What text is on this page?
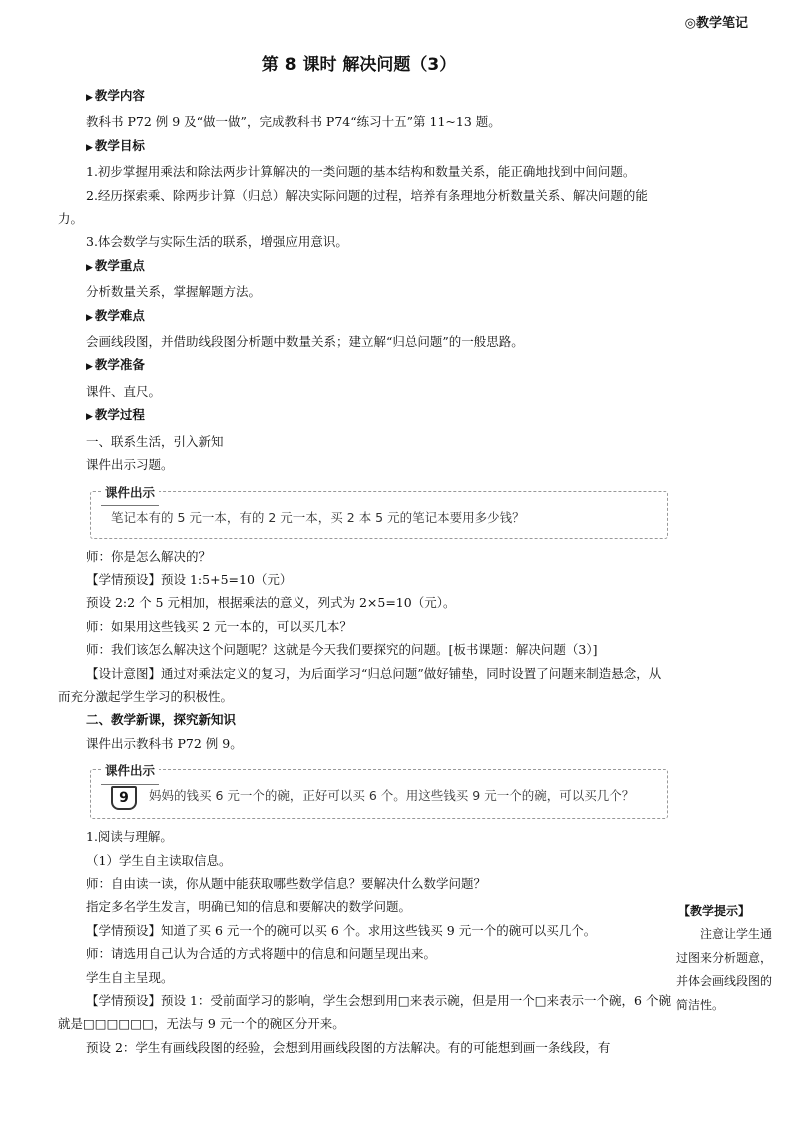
◎教学笔记
第 8 课时 解决问题（3）

▶ 教学内容

教科书 P72 例 9 及“做一做”，完成教科书 P74“练习十五”第 11~13 题。

▶ 教学目标

1.初步掌握用乘法和除法两步计算解决的一类问题的基本结构和数量关系，能正确地找到中间问题。

2.经历探索乘、除两步计算（归总）解决实际问题的过程，培养有条理地分析数量关系、解决问题的能力。

3.体会数学与实际生活的联系，增强应用意识。

▶ 教学重点

分析数量关系，掌握解题方法。

▶ 教学难点

会画线段图，并借助线段图分析题中数量关系；建立解“归总问题”的一般思路。

▶ 教学准备

课件、直尺。

▶ 教学过程

一、联系生活，引入新知

课件出示习题。

课件出示
笔记本有的 5 元一本，有的 2 元一本，买 2 本 5 元的笔记本要用多少钱？

师：你是怎么解决的？

【学情预设】预设 1:5+5=10（元）

预设 2:2 个 5 元相加，根据乘法的意义，列式为 2×5=10（元）。

师：如果用这些钱买 2 元一本的，可以买几本？

师：我们该怎么解决这个问题呢？这就是今天我们要探究的问题。[板书课题：解决问题（3）]

【设计意图】通过对乘法定义的复习，为后面学习“归总问题”做好铺垫，同时设置了问题来制造悬念，从而充分激起学生学习的积极性。

二、教学新课，探究新知识

课件出示教科书 P72 例 9。

课件出示
9	妈妈的钱买 6 元一个的碗，正好可以买 6 个。用这些钱买 9 元一个的碗，可以买几个？

1.阅读与理解。

（1）学生自主读取信息。

师：自由读一读，你从题中能获取哪些数学信息？要解决什么数学问题？

指定多名学生发言，明确已知的信息和要解决的数学问题。

【学情预设】知道了买 6 元一个的碗可以买 6 个。求用这些钱买 9 元一个的碗可以买几个。

师：请选用自己认为合适的方式将题中的信息和问题呈现出来。

学生自主呈现。

【学情预设】预设 1：受前面学习的影响，学生会想到用□来表示碗，但是用一个□来表示一个碗，6 个碗就是□□□□□□，无法与 9 元一个的碗区分开来。

预设 2：学生有画线段图的经验，会想到用画线段图的方法解决。有的可能想到画一条线段，有

【教学提示】

注意让学生通过图来分析题意，并体会画线段图的简洁性。
